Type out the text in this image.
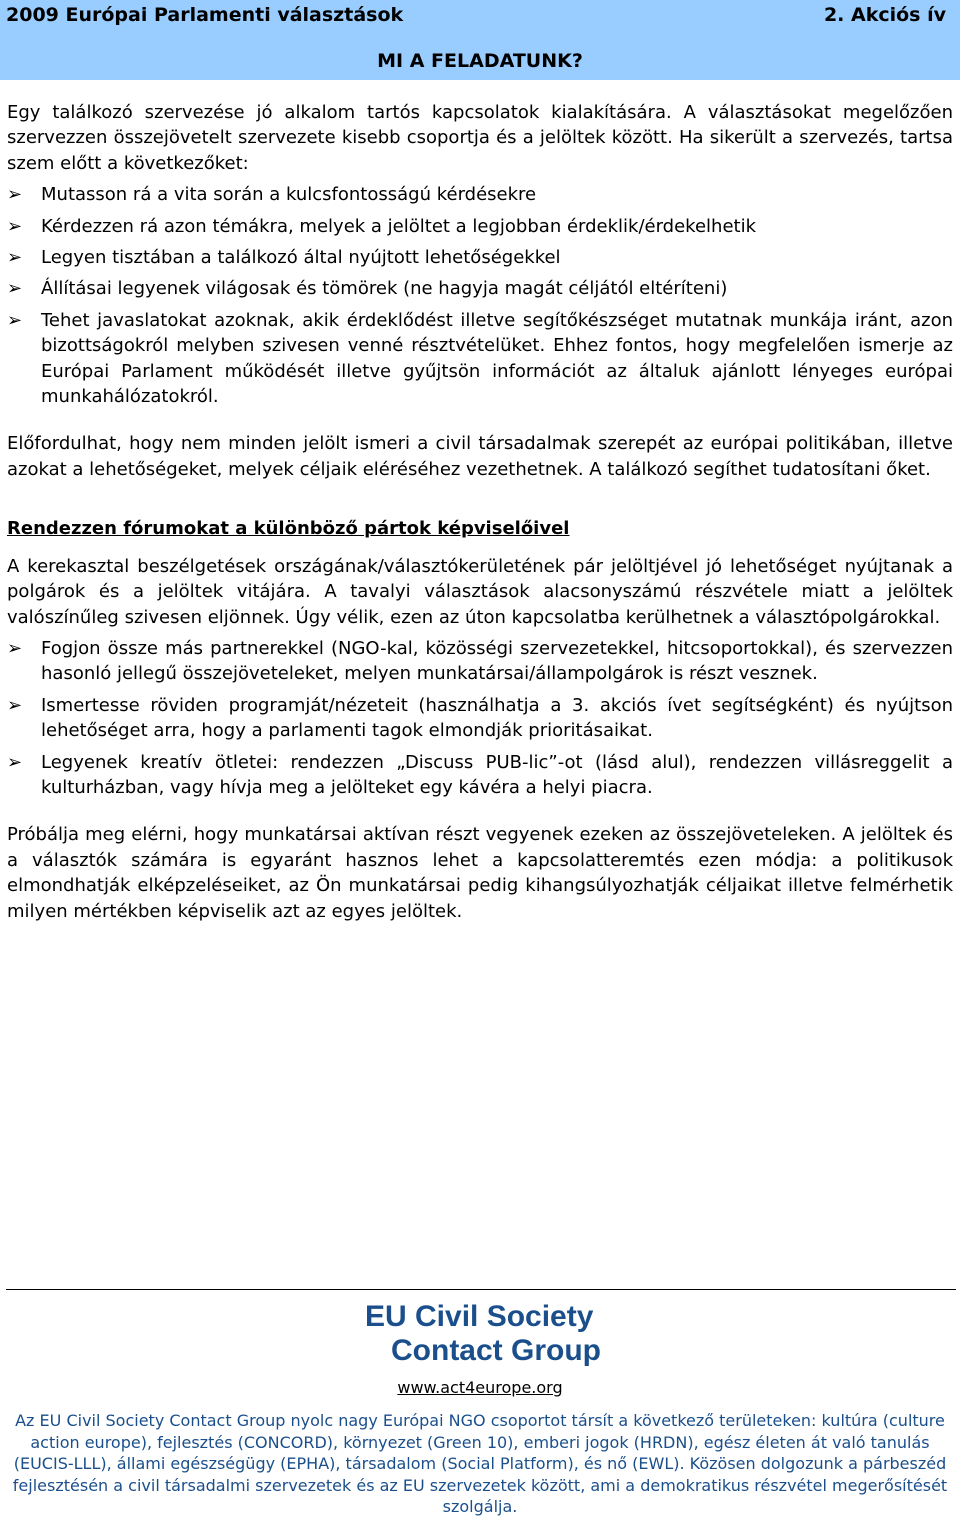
2009 Európai Parlamenti választások	2. Akciós ív
MI A FELADATUNK?

Egy találkozó szervezése jó alkalom tartós kapcsolatok kialakítására. A választásokat megelőzően szervezzen összejövetelt szervezete kisebb csoportja és a jelöltek között. Ha sikerült a szervezés, tartsa szem előtt a következőket:

➢	Mutasson rá a vita során a kulcsfontosságú kérdésekre
➢	Kérdezzen rá azon témákra, melyek a jelöltet a legjobban érdeklik/érdekelhetik
➢	Legyen tisztában a találkozó által nyújtott lehetőségekkel
➢	Állításai legyenek világosak és tömörek (ne hagyja magát céljától eltéríteni)
➢	Tehet javaslatokat azoknak, akik érdeklődést illetve segítőkészséget mutatnak munkája iránt, azon bizottságokról melyben szivesen venné résztvételüket. Ehhez fontos, hogy megfelelően ismerje az Európai Parlament működését illetve gyűjtsön információt az általuk ajánlott lényeges európai munkahálózatokról.

Előfordulhat, hogy nem minden jelölt ismeri a civil társadalmak szerepét az európai politikában, illetve azokat a lehetőségeket, melyek céljaik eléréséhez vezethetnek. A találkozó segíthet tudatosítani őket.

Rendezzen fórumokat a különböző pártok képviselőivel

A kerekasztal beszélgetések országának/választókerületének pár jelöltjével jó lehetőséget nyújtanak a polgárok és a jelöltek vitájára. A tavalyi választások alacsonyszámú részvétele miatt a jelöltek valószínűleg szivesen eljönnek. Úgy vélik, ezen az úton kapcsolatba kerülhetnek a választópolgárokkal.

➢	Fogjon össze más partnerekkel (NGO-kal, közösségi szervezetekkel, hitcsoportokkal), és szervezzen hasonló jellegű összejöveteleket, melyen munkatársai/állampolgárok is részt vesznek.
➢	Ismertesse röviden programját/nézeteit (használhatja a 3. akciós ívet segítségként) és nyújtson lehetőséget arra, hogy a parlamenti tagok elmondják prioritásaikat.
➢	Legyenek kreatív ötletei: rendezzen „Discuss PUB-lic”-ot (lásd alul), rendezzen villásreggelit a kulturházban, vagy hívja meg a jelölteket egy kávéra a helyi piacra.

Próbálja meg elérni, hogy munkatársai aktívan részt vegyenek ezeken az összejöveteleken. A jelöltek és a választók számára is egyaránt hasznos lehet a kapcsolatteremtés ezen módja: a politikusok elmondhatják elképzeléseiket, az Ön munkatársai pedig kihangsúlyozhatják céljaikat illetve felmérhetik milyen mértékben képviselik azt az egyes jelöltek.

EU Civil Society
Contact Group
www.act4europe.org
Az EU Civil Society Contact Group nyolc nagy Európai NGO csoportot társít a következő területeken: kultúra (culture action europe), fejlesztés (CONCORD), környezet (Green 10), emberi jogok (HRDN), egész életen át való tanulás (EUCIS-LLL), állami egészségügy (EPHA), társadalom (Social Platform), és nő (EWL). Közösen dolgozunk a párbeszéd fejlesztésén a civil társadalmi szervezetek és az EU szervezetek között, ami a demokratikus részvétel megerősítését szolgálja.
